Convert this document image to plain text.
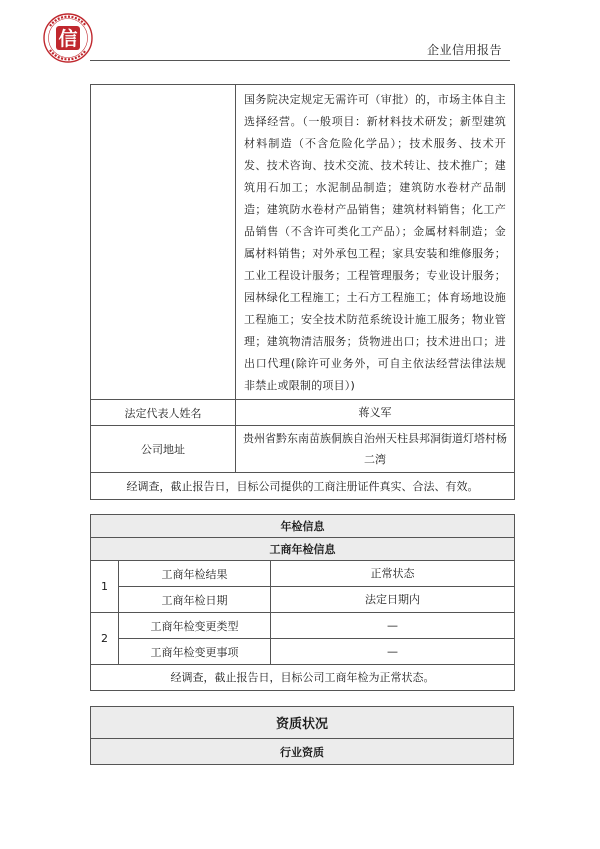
信	企业信用报告
	国务院决定规定无需许可（审批）的，市场主体自主选择经营。（一般项目：新材料技术研发；新型建筑材料制造（不含危险化学品）；技术服务、技术开发、技术咨询、技术交流、技术转让、技术推广；建筑用石加工；水泥制品制造；建筑防水卷材产品制造；建筑防水卷材产品销售；建筑材料销售；化工产品销售（不含许可类化工产品）；金属材料制造；金属材料销售；对外承包工程；家具安装和维修服务；工业工程设计服务；工程管理服务；专业设计服务；园林绿化工程施工；土石方工程施工；体育场地设施工程施工；安全技术防范系统设计施工服务；物业管理；建筑物清洁服务；货物进出口；技术进出口；进出口代理(除许可业务外，可自主依法经营法律法规非禁止或限制的项目）)
法定代表人姓名	蒋义军
公司地址	贵州省黔东南苗族侗族自治州天柱县邦洞街道灯塔村杨二湾
经调查，截止报告日，目标公司提供的工商注册证件真实、合法、有效。	
年检信息		
工商年检信息		
1	工商年检结果	正常状态
	工商年检日期	法定日期内
2	工商年检变更类型	—
	工商年检变更事项	—
经调查，截止报告日，目标公司工商年检为正常状态。		
资质状况
行业资质
